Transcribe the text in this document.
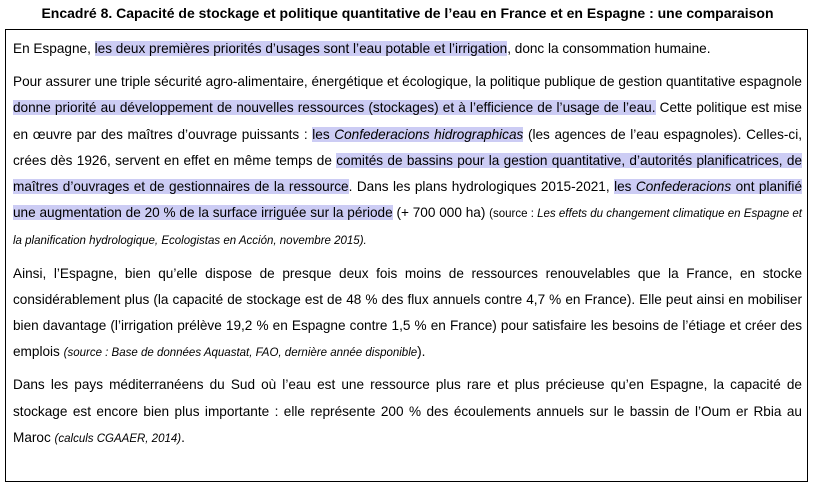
Encadré 8. Capacité de stockage et politique quantitative de l’eau en France et en Espagne : une comparaison

En Espagne, les deux premières priorités d’usages sont l’eau potable et l’irrigation, donc la consommation humaine.

Pour assurer une triple sécurité agro-alimentaire, énergétique et écologique, la politique publique de gestion quantitative espagnole donne priorité au développement de nouvelles ressources (stockages) et à l’efficience de l’usage de l’eau. Cette politique est mise en œuvre par des maîtres d’ouvrage puissants : les Confederacions hidrographicas (les agences de l’eau espagnoles). Celles-ci, crées dès 1926, servent en effet en même temps de comités de bassins pour la gestion quantitative, d’autorités planificatrices, de maîtres d’ouvrages et de gestionnaires de la ressource. Dans les plans hydrologiques 2015-2021, les Confederacions ont planifié une augmentation de 20 % de la surface irriguée sur la période (+ 700 000 ha) (source : Les effets du changement climatique en Espagne et la planification hydrologique, Ecologistas en Acción, novembre 2015).

Ainsi, l’Espagne, bien qu’elle dispose de presque deux fois moins de ressources renouvelables que la France, en stocke considérablement plus (la capacité de stockage est de 48 % des flux annuels contre 4,7 % en France). Elle peut ainsi en mobiliser bien davantage (l’irrigation prélève 19,2 % en Espagne contre 1,5 % en France) pour satisfaire les besoins de l’étiage et créer des emplois (source : Base de données Aquastat, FAO, dernière année disponible).

Dans les pays méditerranéens du Sud où l’eau est une ressource plus rare et plus précieuse qu’en Espagne, la capacité de stockage est encore bien plus importante : elle représente 200 % des écoulements annuels sur le bassin de l’Oum er Rbia au Maroc (calculs CGAAER, 2014).
